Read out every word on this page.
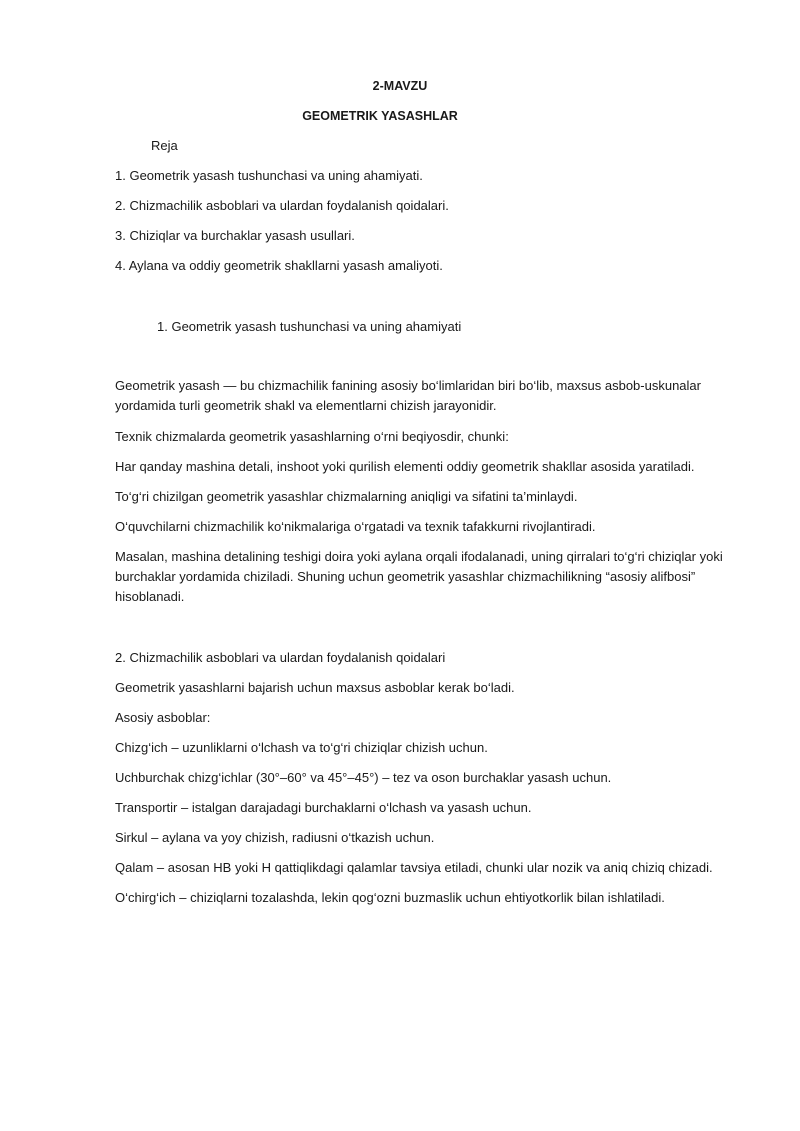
2-MAVZU
GEOMETRIK YASASHLAR
Reja
1. Geometrik yasash tushunchasi va uning ahamiyati.
2. Chizmachilik asboblari va ulardan foydalanish qoidalari.
3. Chiziqlar va burchaklar yasash usullari.
4. Aylana va oddiy geometrik shakllarni yasash amaliyoti.
1. Geometrik yasash tushunchasi va uning ahamiyati
Geometrik yasash — bu chizmachilik fanining asosiy bo‘limlaridan biri bo‘lib, maxsus asbob-uskunalar yordamida turli geometrik shakl va elementlarni chizish jarayonidir.
Texnik chizmalarda geometrik yasashlarning o‘rni beqiyosdir, chunki:
Har qanday mashina detali, inshoot yoki qurilish elementi oddiy geometrik shakllar asosida yaratiladi.
To‘g‘ri chizilgan geometrik yasashlar chizmalarning aniqligi va sifatini ta’minlaydi.
O‘quvchilarni chizmachilik ko‘nikmalariga o‘rgatadi va texnik tafakkurni rivojlantiradi.
Masalan, mashina detalining teshigi doira yoki aylana orqali ifodalanadi, uning qirralari to‘g‘ri chiziqlar yoki burchaklar yordamida chiziladi. Shuning uchun geometrik yasashlar chizmachilikning “asosiy alifbosi” hisoblanadi.
2. Chizmachilik asboblari va ulardan foydalanish qoidalari
Geometrik yasashlarni bajarish uchun maxsus asboblar kerak bo‘ladi.
Asosiy asboblar:
Chizg‘ich – uzunliklarni o‘lchash va to‘g‘ri chiziqlar chizish uchun.
Uchburchak chizg‘ichlar (30°–60° va 45°–45°) – tez va oson burchaklar yasash uchun.
Transportir – istalgan darajadagi burchaklarni o‘lchash va yasash uchun.
Sirkul – aylana va yoy chizish, radiusni o‘tkazish uchun.
Qalam – asosan HB yoki H qattiqlikdagi qalamlar tavsiya etiladi, chunki ular nozik va aniq chiziq chizadi.
O‘chirg‘ich – chiziqlarni tozalashda, lekin qog‘ozni buzmaslik uchun ehtiyotkorlik bilan ishlatiladi.
